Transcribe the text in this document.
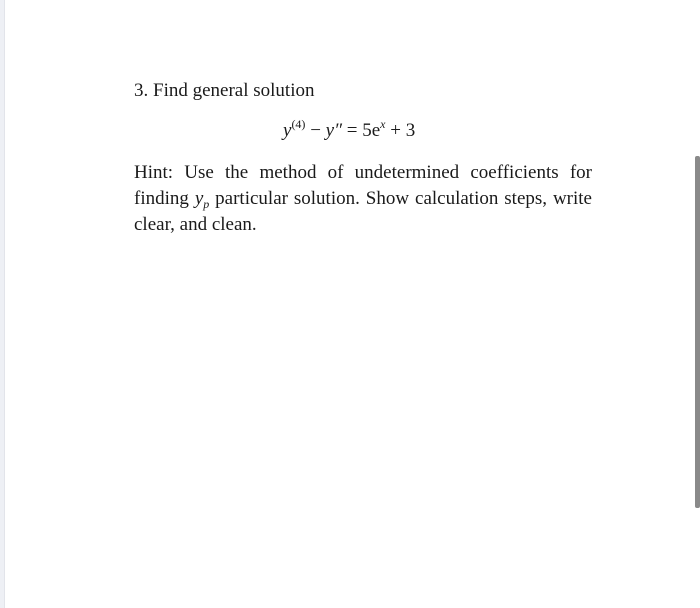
3. Find general solution

$y^{(4)} - y'' = 5e^x + 3$

Hint: Use the method of undetermined coefficients for finding $y_p$ particular solution. Show calculation steps, write clear, and clean.
